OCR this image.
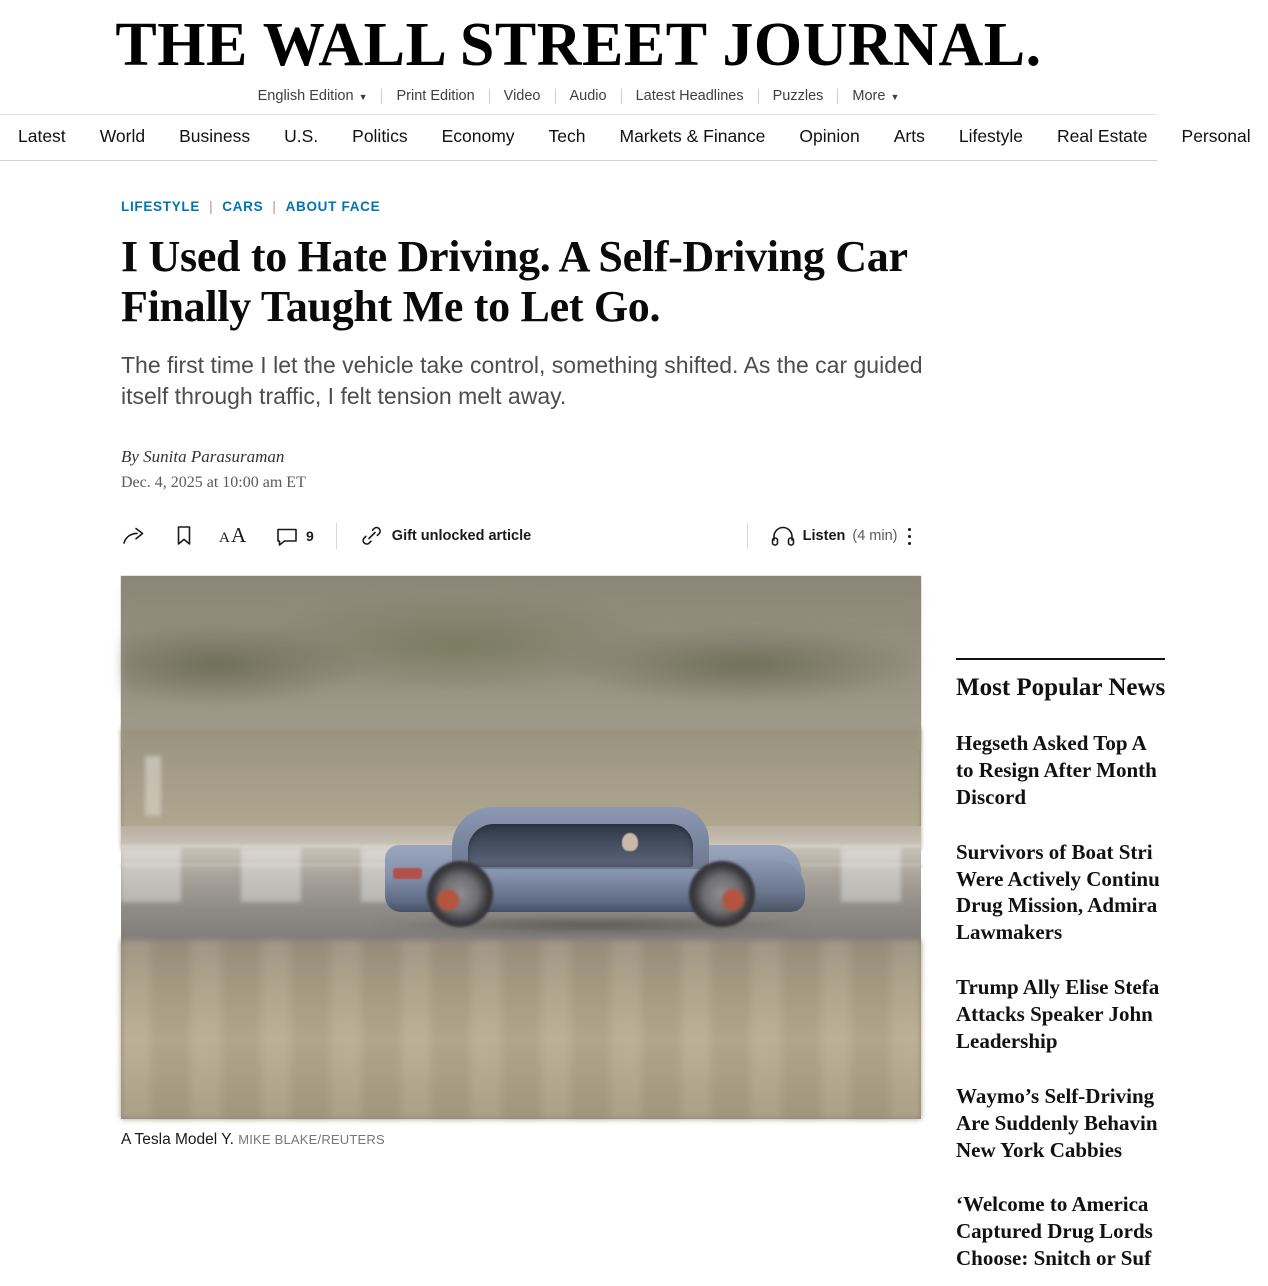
THE WALL STREET JOURNAL.
English Edition ▼	Print Edition	Video	Audio	Latest Headlines	Puzzles	More ▼
Latest	World	Business	U.S.	Politics	Economy	Tech	Markets & Finance	Opinion	Arts	Lifestyle	Real Estate	Personal
LIFESTYLE | CARS | ABOUT FACE
I Used to Hate Driving. A Self-Driving Car Finally Taught Me to Let Go.

The first time I let the vehicle take control, something shifted. As the car guided itself through traffic, I felt tension melt away.

By Sunita Parasuraman
Dec. 4, 2025 at 10:00 am ET
A A	9	Gift unlocked article	Listen (4 min)
A Tesla Model Y. MIKE BLAKE/REUTERS
Most Popular News
Hegseth Asked Top A
to Resign After Month
Discord
Survivors of Boat Stri
Were Actively Continu
Drug Mission, Admira
Lawmakers
Trump Ally Elise Stefa
Attacks Speaker John
Leadership
Waymo’s Self-Driving
Are Suddenly Behavin
New York Cabbies
‘Welcome to America
Captured Drug Lords
Choose: Snitch or Suf
